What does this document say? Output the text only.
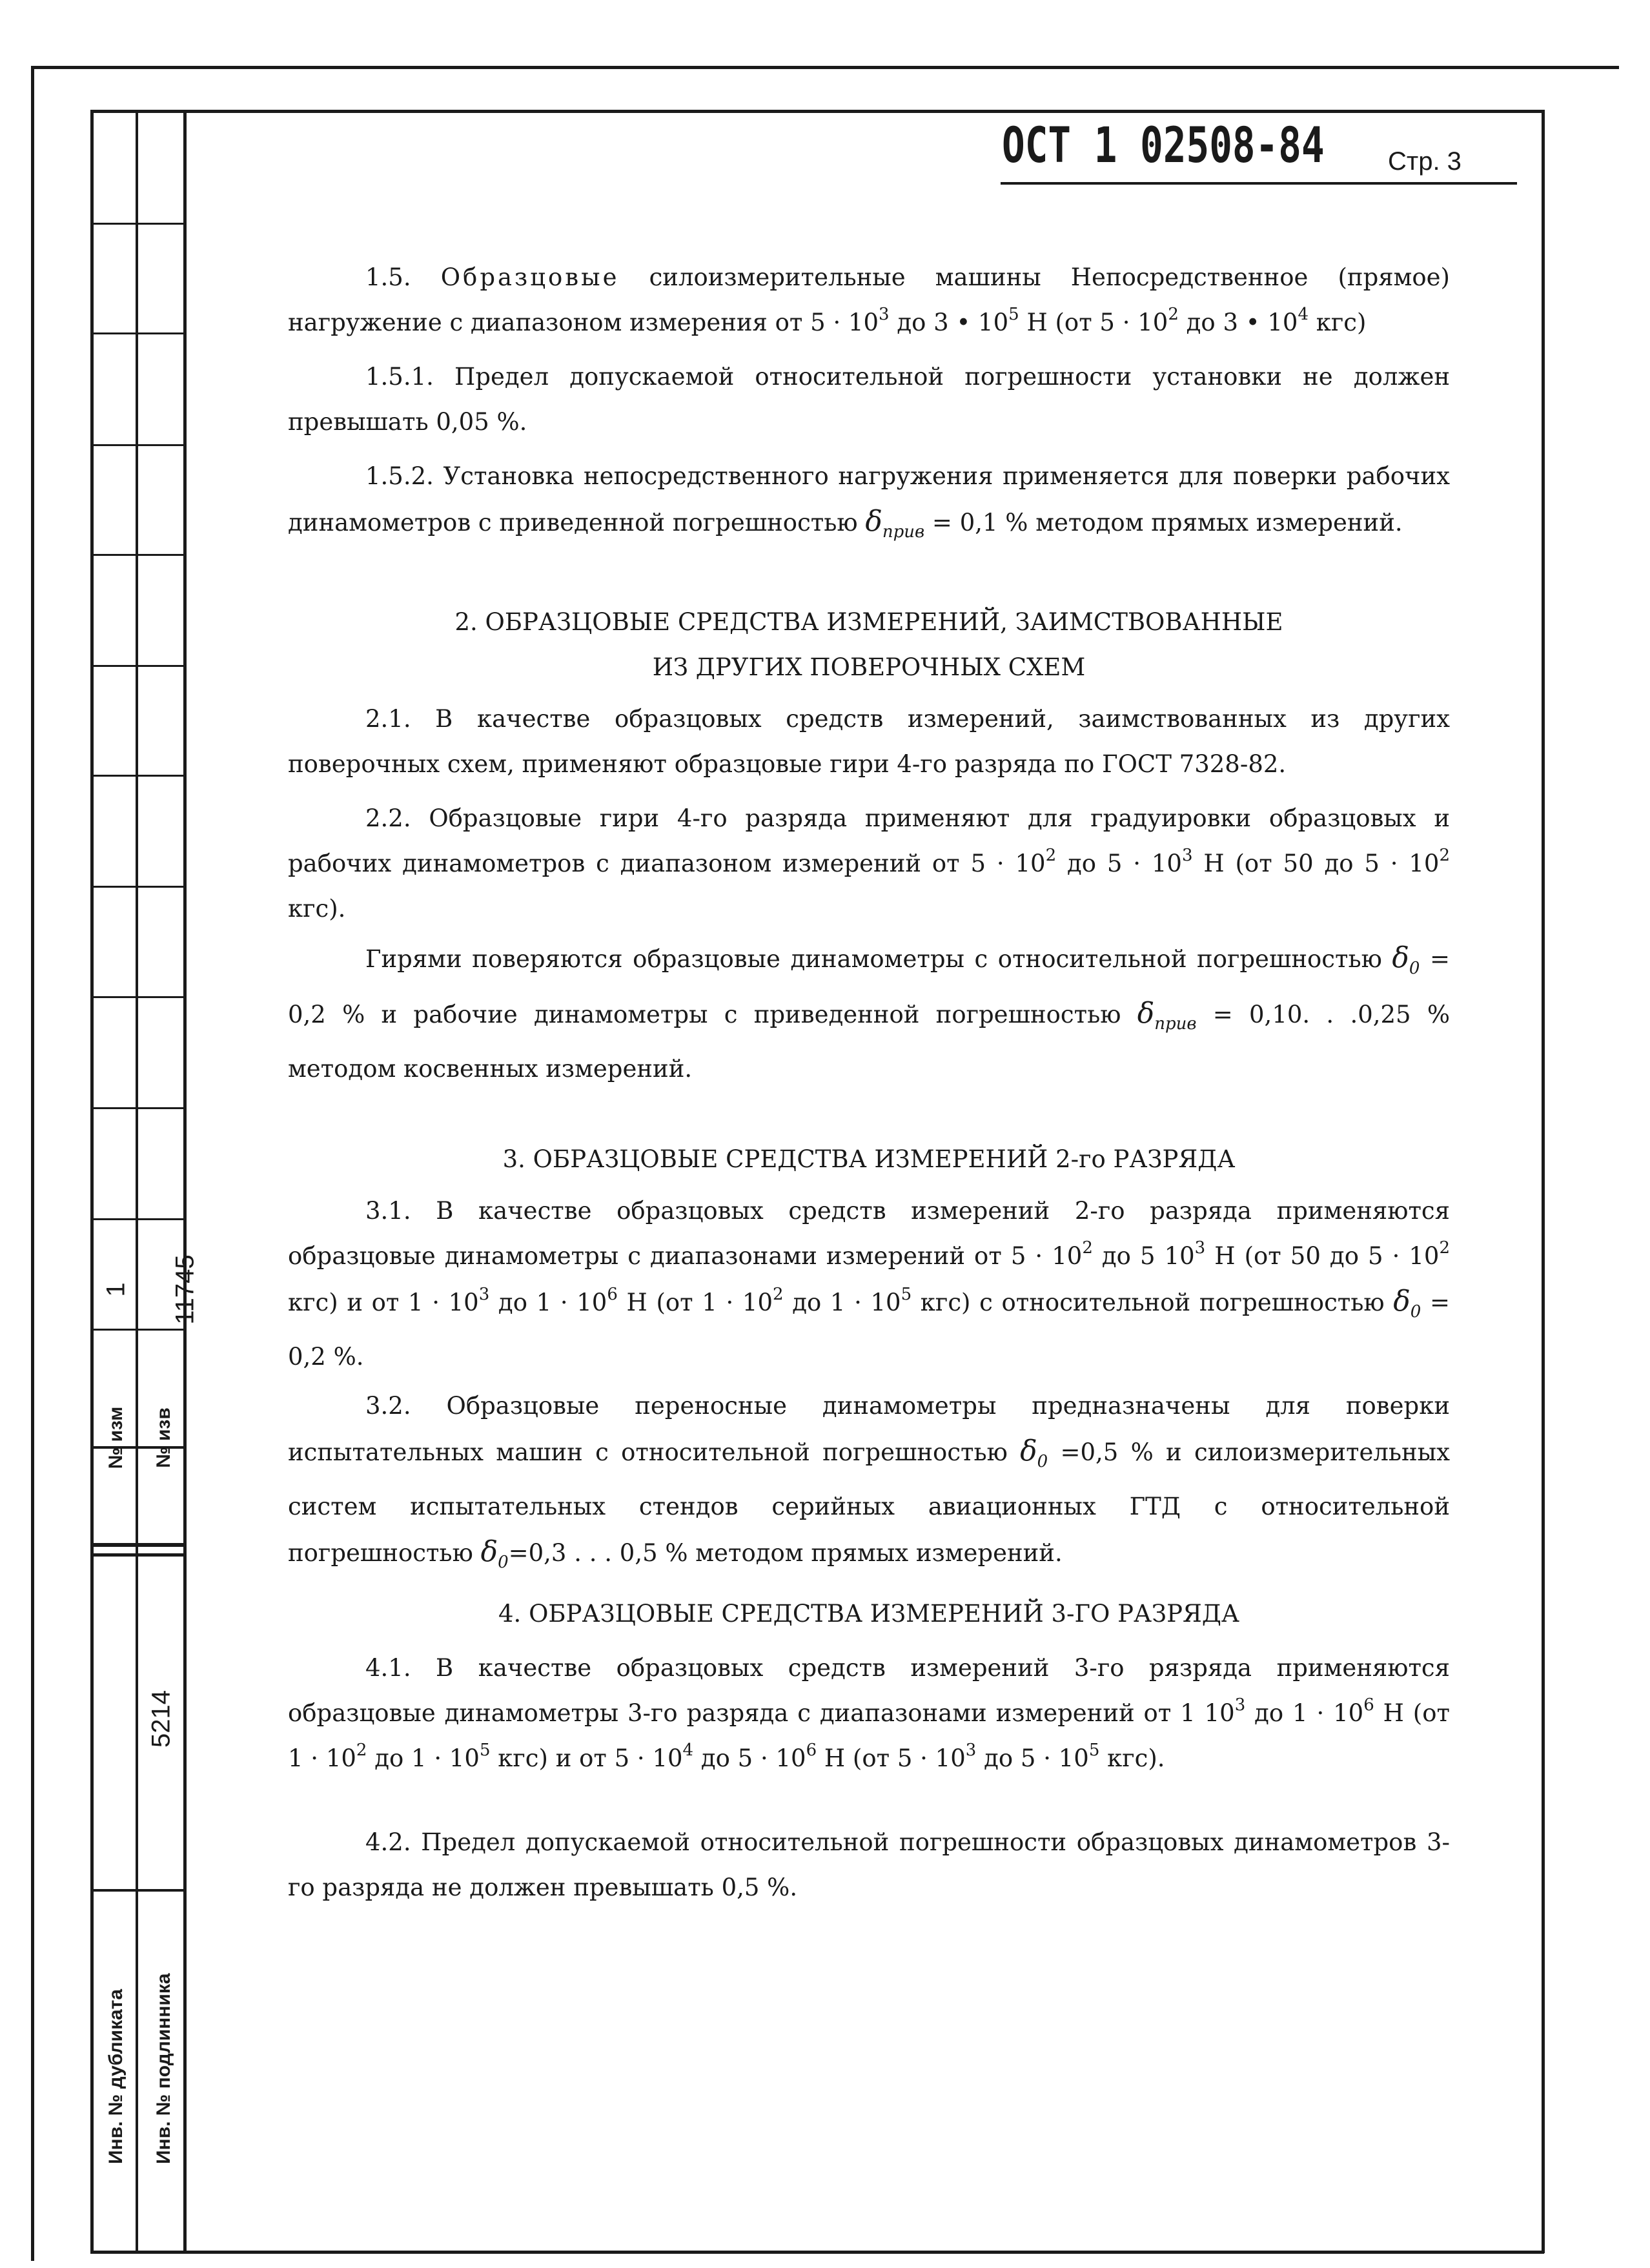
1 11745
№ изм № изв
5214
Инв. № дубликата Инв. № подлинника
ОСТ 1 02508-84 Стр. 3

1.5. Образцовые силоизмерительные машины Непосредственное (прямое) нагружение с диапазоном измерения от $5 \cdot 10^3$ до 3 • $10^5$ Н (от $5 \cdot 10^2$ до 3 • $10^4$ кгс)

1.5.1. Предел допускаемой относительной погрешности установки не должен превышать 0,05 %.

1.5.2. Установка непосредственного нагружения применяется для поверки рабочих динамометров с приведенной погрешностью $\delta_{прив} = 0,1$ % методом прямых измерений.

2. ОБРАЗЦОВЫЕ СРЕДСТВА ИЗМЕРЕНИЙ, ЗАИМСТВОВАННЫЕ
ИЗ ДРУГИХ ПОВЕРОЧНЫХ СХЕМ

2.1. В качестве образцовых средств измерений, заимствованных из других поверочных схем, применяют образцовые гири 4-го разряда по ГОСТ 7328-82.

2.2. Образцовые гири 4-го разряда применяют для градуировки образцовых и рабочих динамометров с диапазоном измерений от $5 \cdot 10^2$ до $5 \cdot 10^3$ Н (от 50 до $5 \cdot 10^2$ кгс).

Гирями поверяются образцовые динамометры с относительной погрешностью $\delta_0 = 0,2$ % и рабочие динамометры с приведенной погрешностью $\delta_{прив} = 0,10$. . .0,25 % методом косвенных измерений.

3. ОБРАЗЦОВЫЕ СРЕДСТВА ИЗМЕРЕНИЙ 2-го РАЗРЯДА

3.1. В качестве образцовых средств измерений 2-го разряда применяются образцовые динамометры с диапазонами измерений от $5 \cdot 10^2$ до 5 $10^3$ Н (от 50 до $5 \cdot 10^2$ кгс) и от $1 \cdot 10^3$ до $1 \cdot 10^6$ Н (от $1 \cdot 10^2$ до $1 \cdot 10^5$ кгс) с относительной погрешностью $\delta_0 = 0,2$ %.

3.2. Образцовые переносные динамометры предназначены для поверки испытательных машин с относительной погрешностью $\delta_0 =0,5$ % и силоизмерительных систем испытательных стендов серийных авиационных ГТД с относительной погрешностью $\delta_0=0,3$ . . . 0,5 % методом прямых измерений.

4. ОБРАЗЦОВЫЕ СРЕДСТВА ИЗМЕРЕНИЙ 3-ГО РАЗРЯДА

4.1. В качестве образцовых средств измерений 3-го рязряда применяются образцовые динамометры 3-го разряда с диапазонами измерений от 1 $10^3$ до $1 \cdot 10^6$ Н (от $1 \cdot 10^2$ до $1 \cdot 10^5$ кгс) и от $5 \cdot 10^4$ до $5 \cdot 10^6$ Н (от $5 \cdot 10^3$ до $5 \cdot 10^5$ кгс).

4.2. Предел допускаемой относительной погрешности образцовых динамометров 3-го разряда не должен превышать 0,5 %.
